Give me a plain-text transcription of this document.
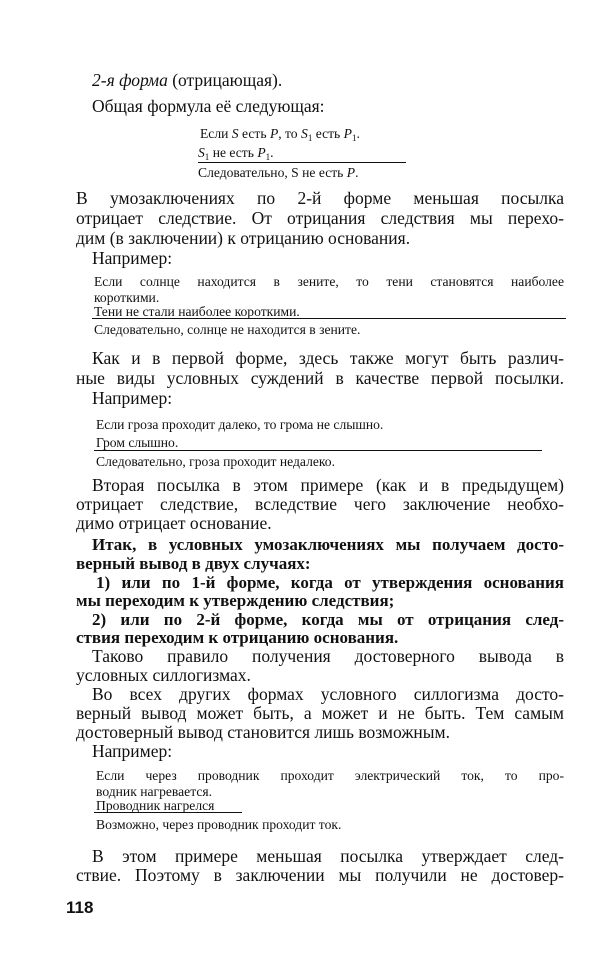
2-я форма (отрицающая).
Общая формула её следующая:
Если S есть P, то $S_1$ есть $P_1$.
$S_1$ не есть $P_1$.
Следовательно, S не есть P.
В умозаключениях по 2-й форме меньшая посылка
отрицает следствие. От отрицания следствия мы перехо-
дим (в заключении) к отрицанию основания.
Например:
Если солнце находится в зените, то тени становятся наиболее
короткими.
Тени не стали наиболее короткими.
Следовательно, солнце не находится в зените.
Как и в первой форме, здесь также могут быть различ-
ные виды условных суждений в качестве первой посылки.
Например:
Если гроза проходит далеко, то грома не слышно.
Гром слышно.
Следовательно, гроза проходит недалеко.
Вторая посылка в этом примере (как и в предыдущем)
отрицает следствие, вследствие чего заключение необхо-
димо отрицает основание.
Итак, в условных умозаключениях мы получаем досто-
верный вывод в двух случаях:
1) или по 1-й форме, когда от утверждения основания
мы переходим к утверждению следствия;
2) или по 2-й форме, когда мы от отрицания след-
ствия переходим к отрицанию основания.
Таково правило получения достоверного вывода в
условных силлогизмах.
Во всех других формах условного силлогизма досто-
верный вывод может быть, а может и не быть. Тем самым
достоверный вывод становится лишь возможным.
Например:
Если через проводник проходит электрический ток, то про-
водник нагревается.
Проводник нагрелся
Возможно, через проводник проходит ток.
В этом примере меньшая посылка утверждает след-
ствие. Поэтому в заключении мы получили не достовер-
118
